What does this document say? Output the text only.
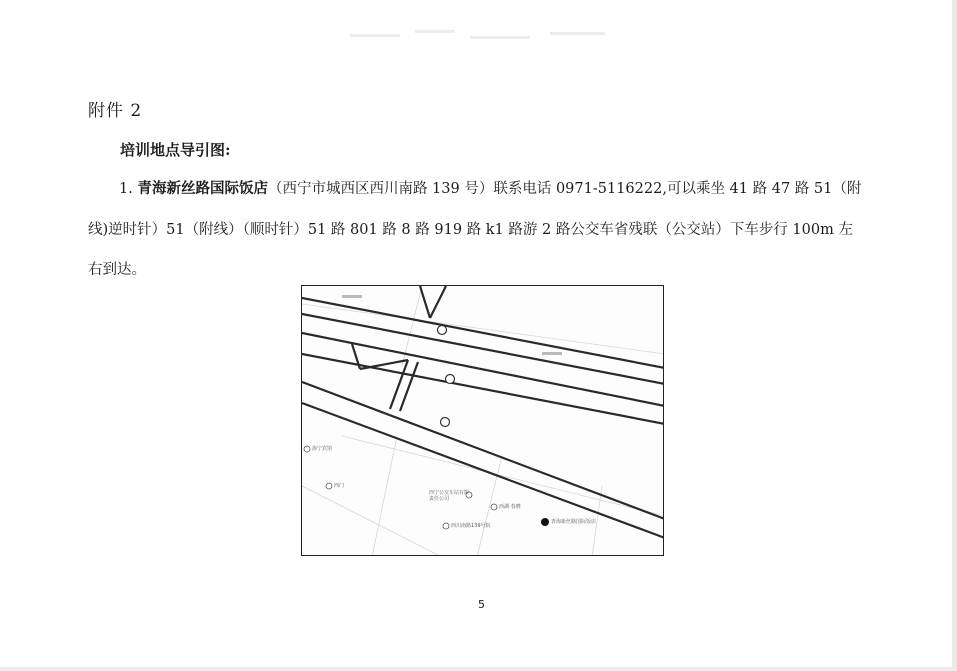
附件 2
培训地点导引图:
1. 青海新丝路国际饭店（西宁市城西区西川南路 139 号）联系电话 0971-5116222,可以乘坐 41 路 47 路 51（附
线)逆时针）51（附线）（顺时针）51 路 801 路 8 路 919 路 k1 路游 2 路公交车省残联（公交站）下车步行 100m 左
右到达。
海宁宾馆
西门
西宁公交车站有限责任公司
西湖·春晓
西川南路139号院
青海新丝路国际饭店
5
